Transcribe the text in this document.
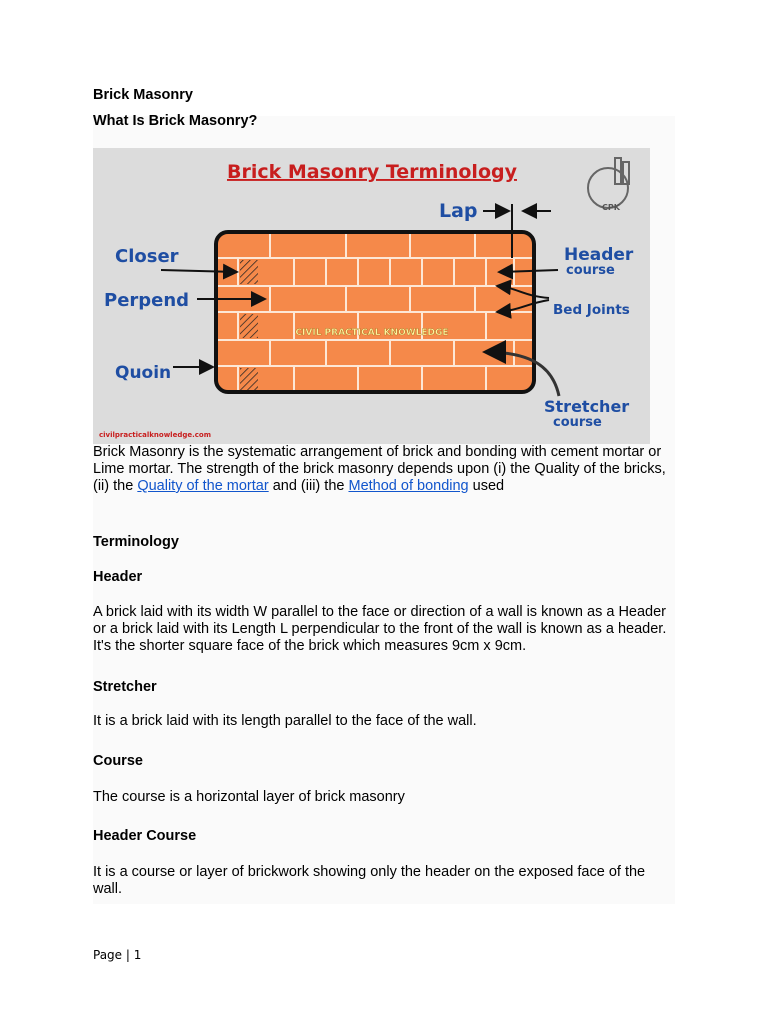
Brick Masonry
What Is Brick Masonry?
Brick Masonry Terminology
CPK
CIVIL PRACTICAL KNOWLEDGE
Closer
Perpend
Quoin
Lap
Header
course
Bed Joints
Stretcher
course
civilpracticalknowledge.com
Brick Masonry is the systematic arrangement of brick and bonding with cement mortar or Lime mortar. The strength of the brick masonry depends upon (i) the Quality of the bricks, (ii) the Quality of the mortar and (iii) the Method of bonding used
Terminology
Header
A brick laid with its width W parallel to the face or direction of a wall is known as a Header or a brick laid with its Length L perpendicular to the front of the wall is known as a header. It's the shorter square face of the brick which measures 9cm x 9cm.
Stretcher
It is a brick laid with its length parallel to the face of the wall.
Course
The course is a horizontal layer of brick masonry
Header Course
It is a course or layer of brickwork showing only the header on the exposed face of the wall.
Page | 1
